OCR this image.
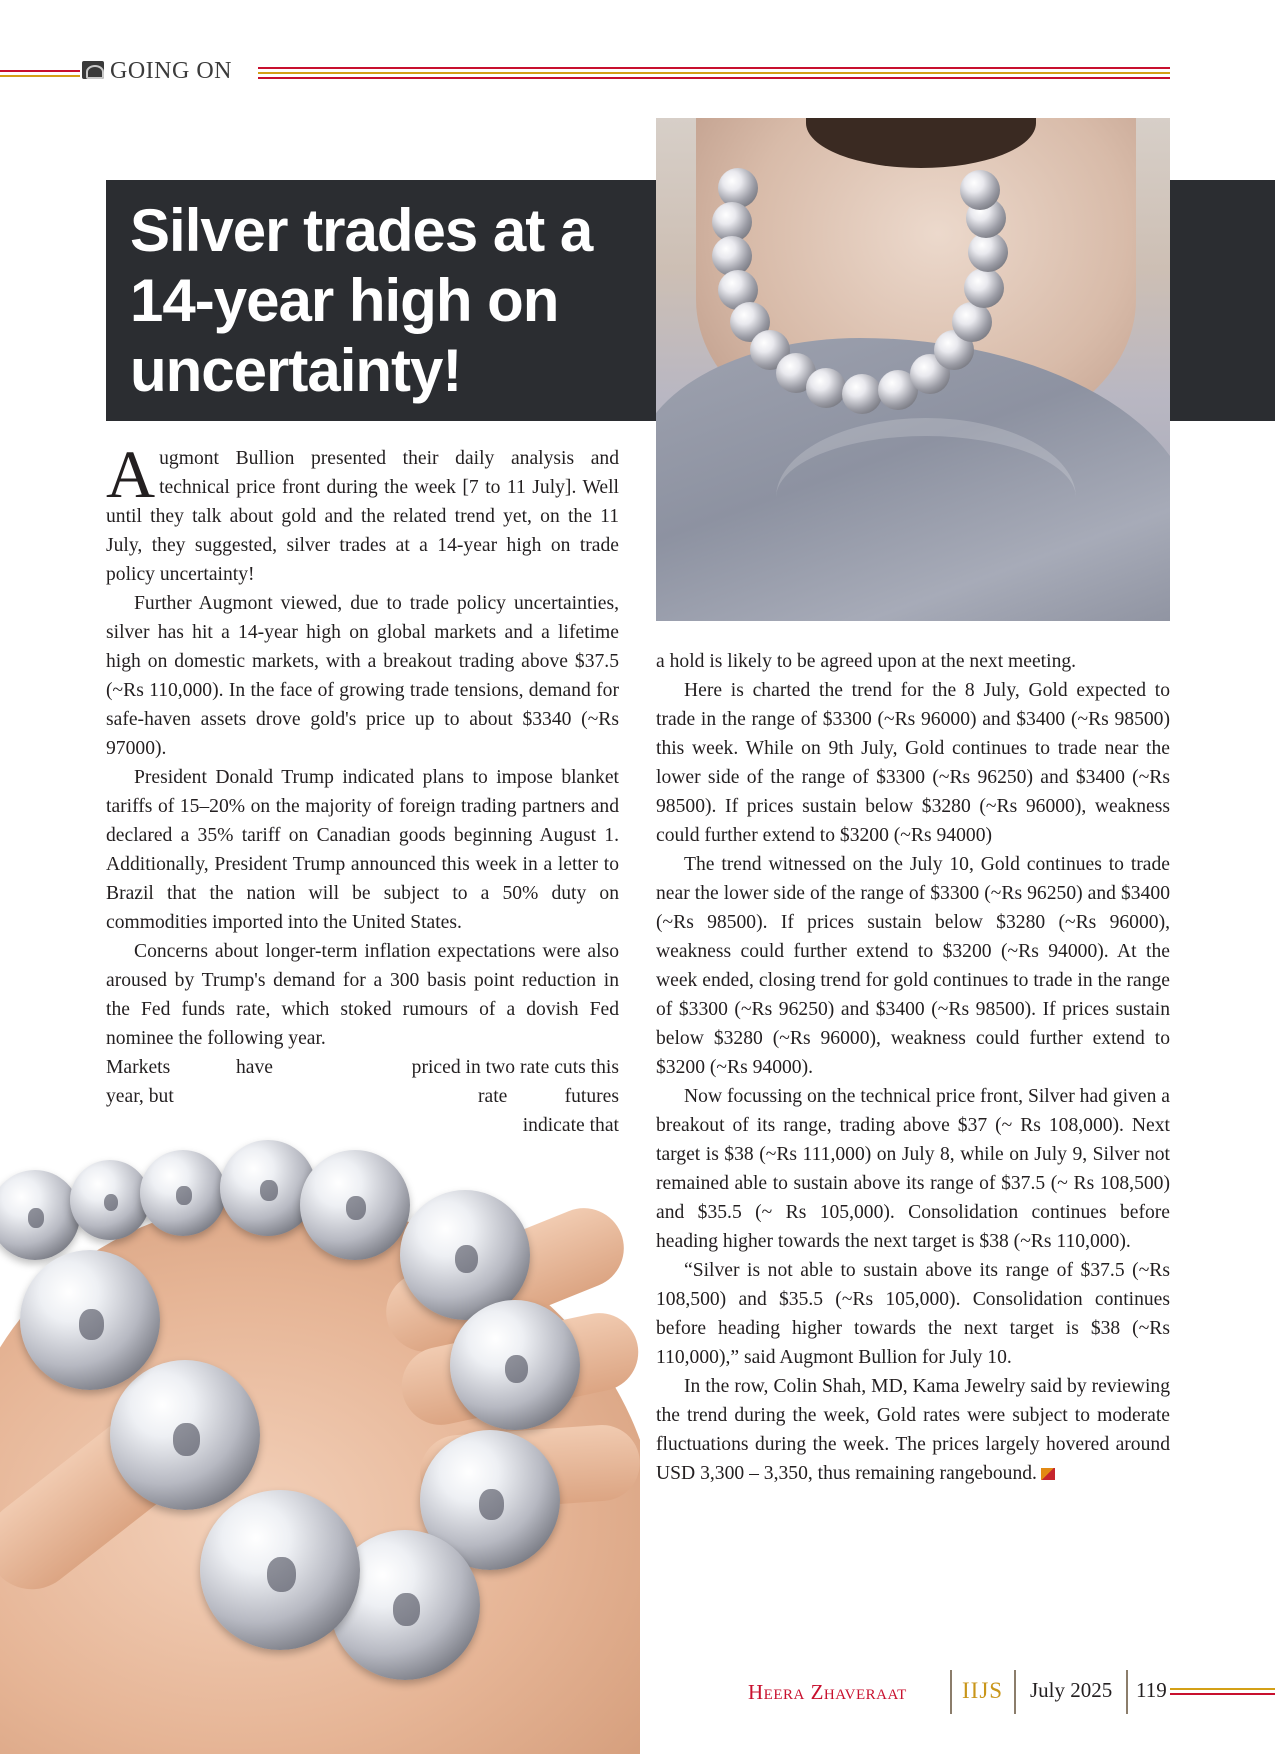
GOING ON
Silver trades at a 14-year high on uncertainty!

Augmont Bullion presented their daily analysis and technical price front during the week [7 to 11 July]. Well until they talk about gold and the related trend yet, on the 11 July, they suggested, silver trades at a 14-year high on trade policy uncertainty!

Further Augmont viewed, due to trade policy uncertainties, silver has hit a 14-year high on global markets and a lifetime high on domestic markets, with a breakout trading above $37.5 (~Rs 110,000). In the face of growing trade tensions, demand for safe-haven assets drove gold's price up to about $3340 (~Rs 97000).

President Donald Trump indicated plans to impose blanket tariffs of 15–20% on the majority of foreign trading partners and declared a 35% tariff on Canadian goods beginning August 1. Additionally, President Trump announced this week in a letter to Brazil that the nation will be subject to a 50% duty on commodities imported into the United States.

Concerns about longer-term inflation expectations were also aroused by Trump's demand for a 300 basis point reduction in the Fed funds rate, which stoked rumours of a dovish Fed nominee the following year.

Markets	have	priced in two rate cuts this
year, but	rate	futures
indicate that

a hold is likely to be agreed upon at the next meeting.

Here is charted the trend for the 8 July, Gold expected to trade in the range of $3300 (~Rs 96000) and $3400 (~Rs 98500) this week. While on 9th July, Gold continues to trade near the lower side of the range of $3300 (~Rs 96250) and $3400 (~Rs 98500). If prices sustain below $3280 (~Rs 96000), weakness could further extend to $3200 (~Rs 94000)

The trend witnessed on the July 10, Gold continues to trade near the lower side of the range of $3300 (~Rs 96250) and $3400 (~Rs 98500). If prices sustain below $3280 (~Rs 96000), weakness could further extend to $3200 (~Rs 94000). At the week ended, closing trend for gold continues to trade in the range of $3300 (~Rs 96250) and $3400 (~Rs 98500). If prices sustain below $3280 (~Rs 96000), weakness could further extend to $3200 (~Rs 94000).

Now focussing on the technical price front, Silver had given a breakout of its range, trading above $37 (~ Rs 108,000). Next target is $38 (~Rs 111,000) on July 8, while on July 9, Silver not remained able to sustain above its range of $37.5 (~ Rs 108,500) and $35.5 (~ Rs 105,000). Consolidation continues before heading higher towards the next target is $38 (~Rs 110,000).

“Silver is not able to sustain above its range of $37.5 (~Rs 108,500) and $35.5 (~Rs 105,000). Consolidation continues before heading higher towards the next target is $38 (~Rs 110,000),” said Augmont Bullion for July 10.

In the row, Colin Shah, MD, Kama Jewelry said by reviewing the trend during the week, Gold rates were subject to moderate fluctuations during the week. The prices largely hovered around USD 3,300 – 3,350, thus remaining rangebound.

Heera Zhaveraat IIJS July 2025 119
